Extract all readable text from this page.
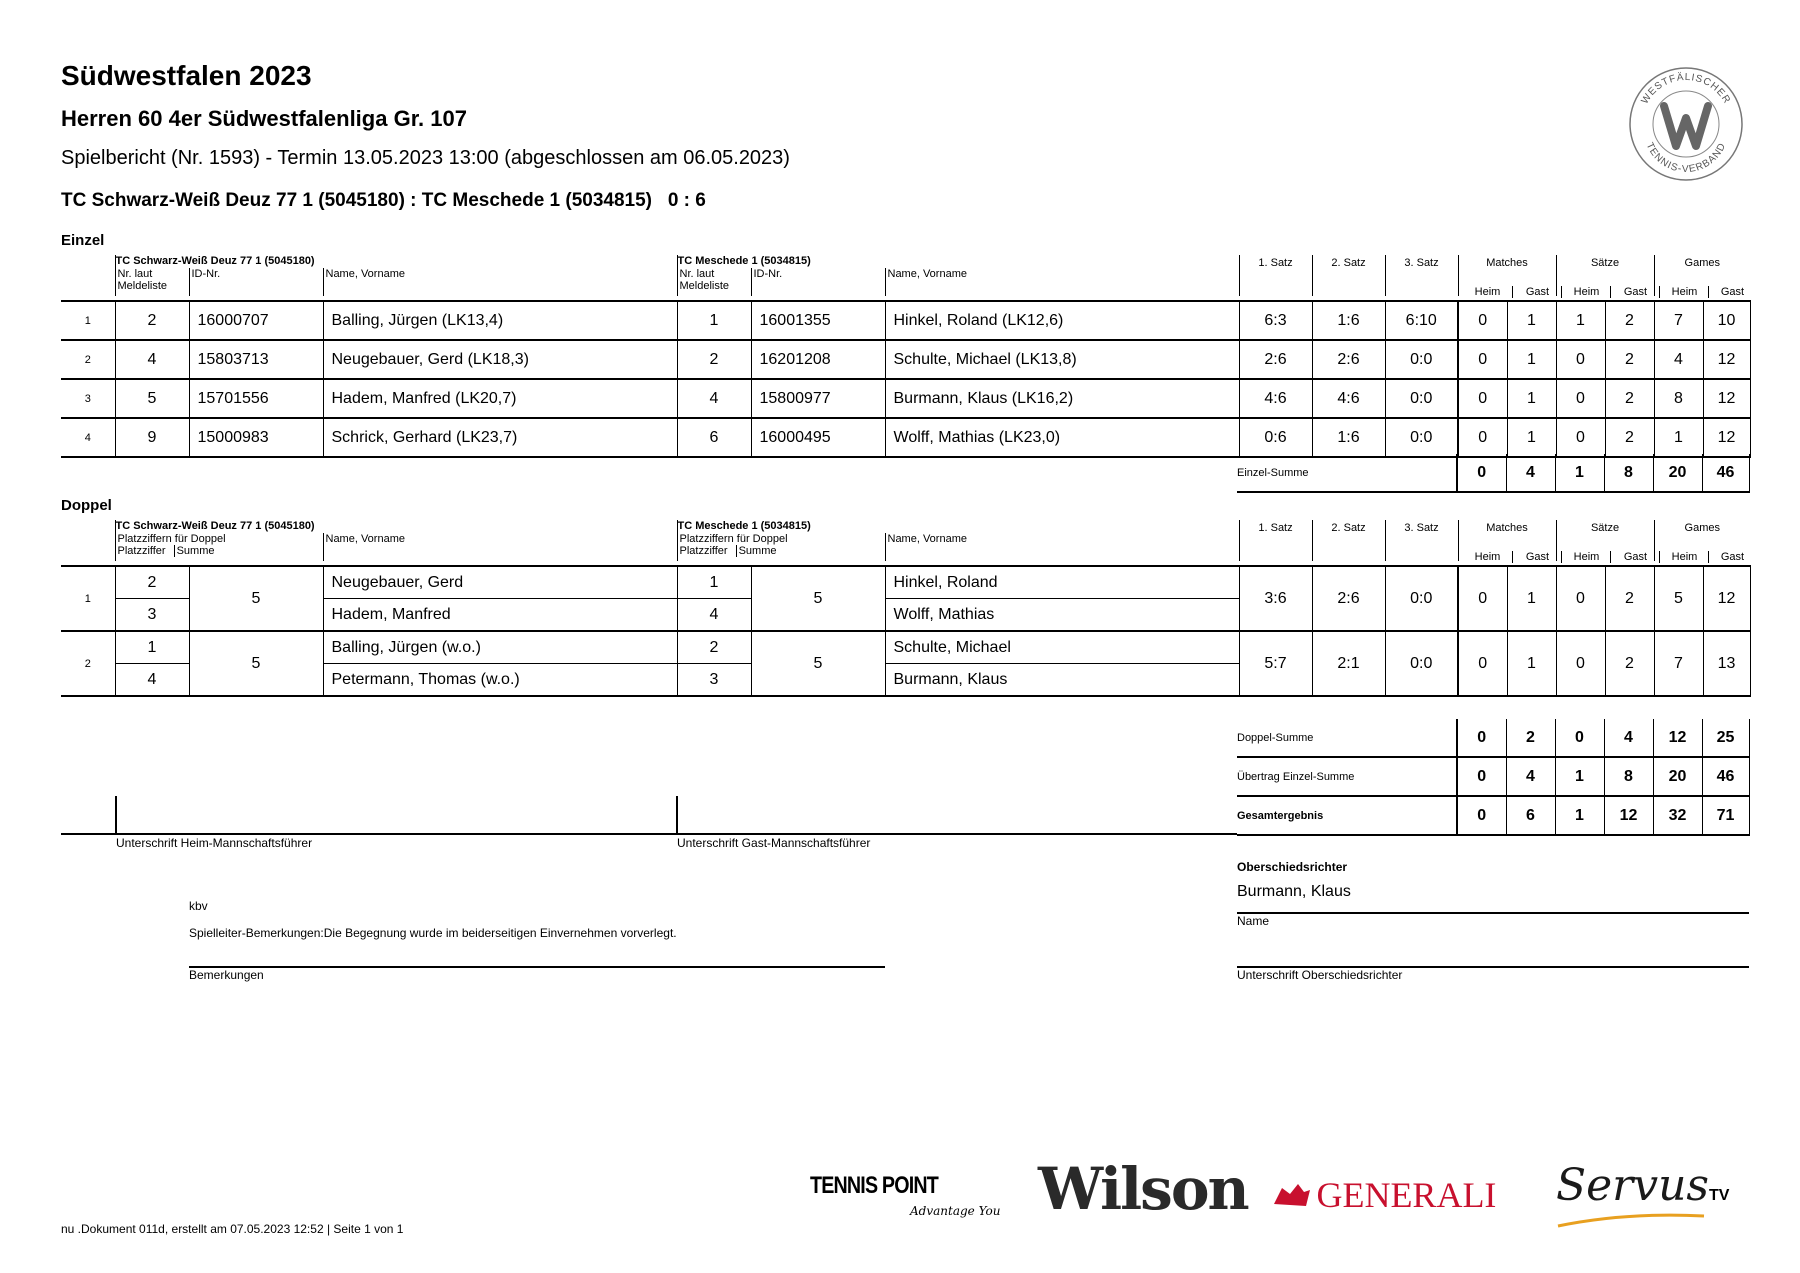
Südwestfalen 2023
Herren 60 4er Südwestfalenliga Gr. 107
Spielbericht (Nr. 1593) - Termin 13.05.2023 13:00 (abgeschlossen am 06.05.2023)
TC Schwarz-Weiß Deuz 77 1 (5045180) : TC Meschede 1 (5034815)   0 : 6
WESTFÄLISCHER
TENNIS-VERBAND
Einzel
	TC Schwarz-Weiß Deuz 77 1 (5045180)			TC Meschede 1 (5034815)			1. Satz	2. Satz	3. Satz	Matches	Sätze	Games
	Nr. laut
Meldeliste	ID-Nr.	Name, Vorname	Nr. laut
Meldeliste	ID-Nr.	Name, Vorname						
Heim	Gast	Heim	Gast	Heim	Gast
1	2	16000707	Balling, Jürgen (LK13,4)	1	16001355	Hinkel, Roland (LK12,6)	6:3	1:6	6:10	0	1	1	2	7	10
2	4	15803713	Neugebauer, Gerd (LK18,3)	2	16201208	Schulte, Michael (LK13,8)	2:6	2:6	0:0	0	1	0	2	4	12
3	5	15701556	Hadem, Manfred (LK20,7)	4	15800977	Burmann, Klaus (LK16,2)	4:6	4:6	0:0	0	1	0	2	8	12
4	9	15000983	Schrick, Gerhard (LK23,7)	6	16000495	Wolff, Mathias (LK23,0)	0:6	1:6	0:0	0	1	0	2	1	12
Einzel-Summe	0	4	1	8	20	46
Doppel
	TC Schwarz-Weiß Deuz 77 1 (5045180)		TC Meschede 1 (5034815)		1. Satz	2. Satz	3. Satz	Matches	Sätze	Games
	Platzziffern für Doppel
Platzziffer Summe	Name, Vorname	Platzziffern für Doppel
Platzziffer Summe	Name, Vorname						
Heim	Gast	Heim	Gast	Heim	Gast
1	2	5	Neugebauer, Gerd	1	5	Hinkel, Roland	3:6	2:6	0:0	0	1	0	2	5	12
	3		Hadem, Manfred	4		Wolff, Mathias									
2	1	5	Balling, Jürgen (w.o.)	2	5	Schulte, Michael	5:7	2:1	0:0	0	1	0	2	7	13
	4		Petermann, Thomas (w.o.)	3		Burmann, Klaus									
Doppel-Summe	0	2	0	4	12	25
Übertrag Einzel-Summe	0	4	1	8	20	46
Gesamtergebnis	0	6	1	12	32	71
Unterschrift Heim-Mannschaftsführer	Unterschrift Gast-Mannschaftsführer
Oberschiedsrichter
Burmann, Klaus
Name
Unterschrift Oberschiedsrichter
kbv
Spielleiter-Bemerkungen:Die Begegnung wurde im beiderseitigen Einvernehmen vorverlegt.
Bemerkungen
TENNIS POINT
Advantage You Wilson	GENERALI ServusTV
nu .Dokument 011d, erstellt am 07.05.2023 12:52 | Seite 1 von 1
